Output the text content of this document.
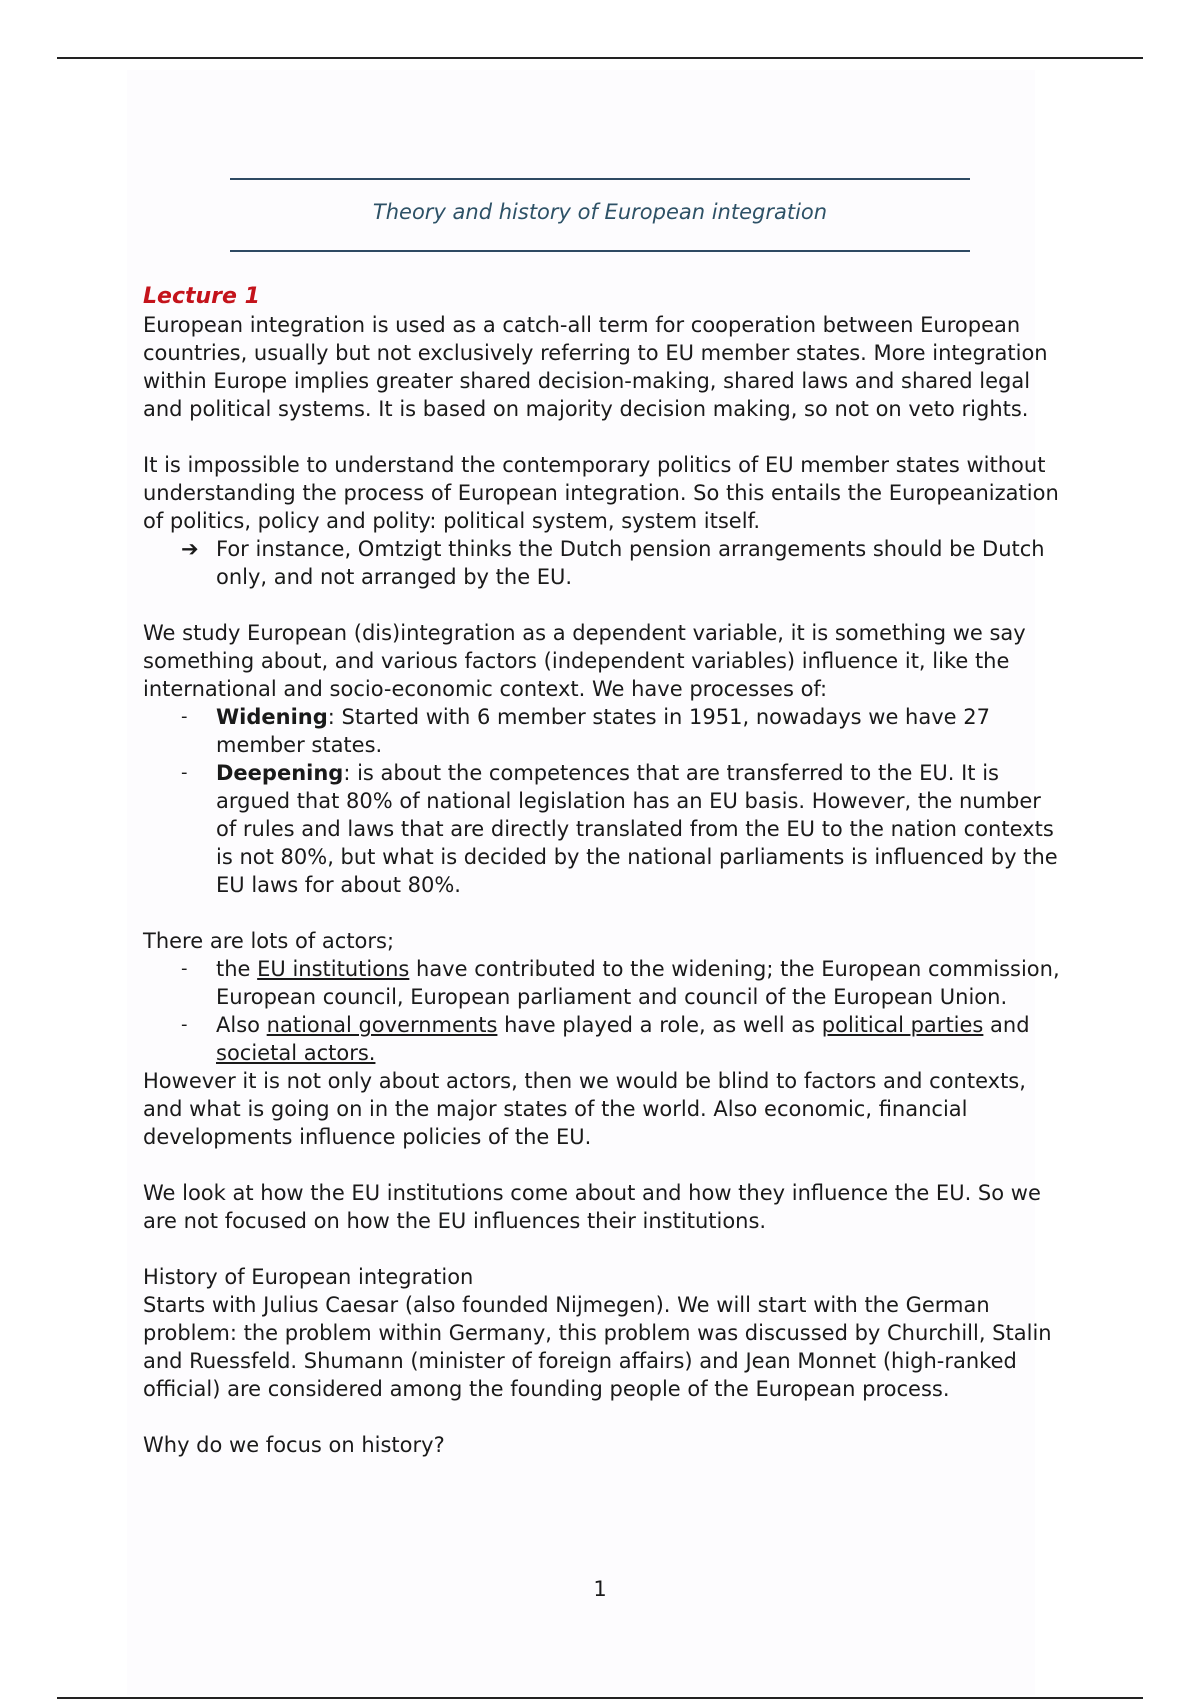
Theory and history of European integration
Lecture 1

European integration is used as a catch-all term for cooperation between European countries, usually but not exclusively referring to EU member states. More integration within Europe implies greater shared decision-making, shared laws and shared legal and political systems. It is based on majority decision making, so not on veto rights.

It is impossible to understand the contemporary politics of EU member states without understanding the process of European integration. So this entails the Europeanization of politics, policy and polity: political system, system itself.

➔ For instance, Omtzigt thinks the Dutch pension arrangements should be Dutch only, and not arranged by the EU.

We study European (dis)integration as a dependent variable, it is something we say something about, and various factors (independent variables) influence it, like the international and socio-economic context. We have processes of:

- Widening: Started with 6 member states in 1951, nowadays we have 27 member states.
- Deepening: is about the competences that are transferred to the EU. It is argued that 80% of national legislation has an EU basis. However, the number of rules and laws that are directly translated from the EU to the nation contexts is not 80%, but what is decided by the national parliaments is influenced by the EU laws for about 80%.

There are lots of actors;

- the EU institutions have contributed to the widening; the European commission, European council, European parliament and council of the European Union.
- Also national governments have played a role, as well as political parties and societal actors.

However it is not only about actors, then we would be blind to factors and contexts, and what is going on in the major states of the world. Also economic, financial developments influence policies of the EU.

We look at how the EU institutions come about and how they influence the EU. So we are not focused on how the EU influences their institutions.

History of European integration

Starts with Julius Caesar (also founded Nijmegen). We will start with the German problem: the problem within Germany, this problem was discussed by Churchill, Stalin and Ruessfeld. Shumann (minister of foreign affairs) and Jean Monnet (high-ranked official) are considered among the founding people of the European process.

Why do we focus on history?

1
